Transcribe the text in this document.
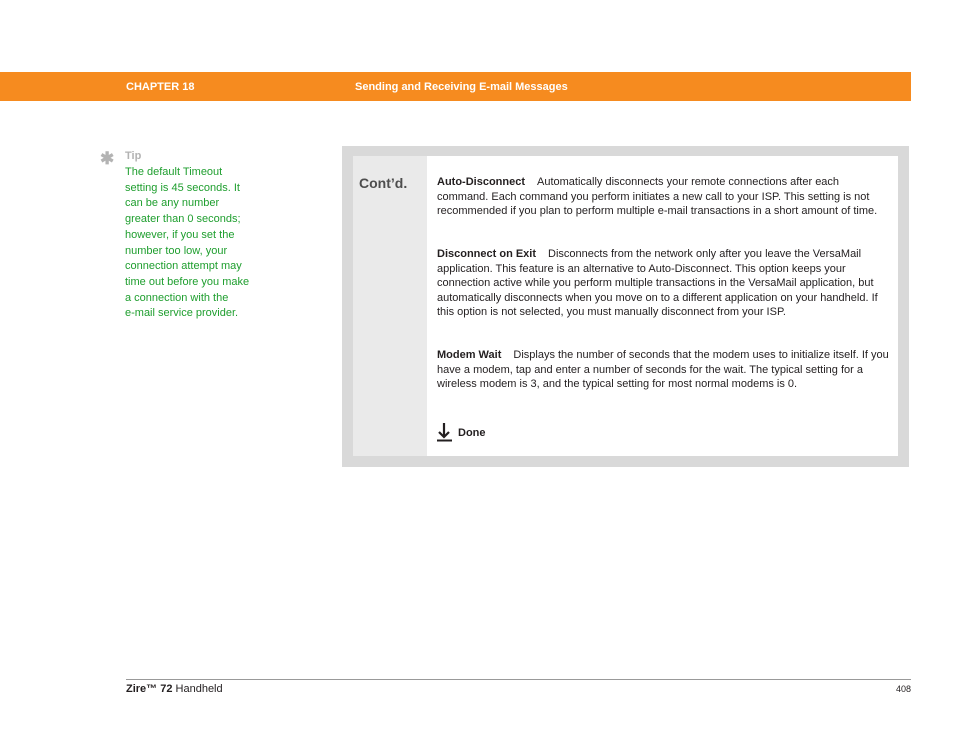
CHAPTER 18	Sending and Receiving E-mail Messages
✱ Tip
The default Timeout
setting is 45 seconds. It
can be any number
greater than 0 seconds;
however, if you set the
number too low, your
connection attempt may
time out before you make
a connection with the
e-mail service provider.
Cont’d.	Auto-Disconnect Automatically disconnects your remote connections after each command. Each command you perform initiates a new call to your ISP. This setting is not recommended if you plan to perform multiple e-mail transactions in a short amount of time.
Disconnect on Exit Disconnects from the network only after you leave the VersaMail application. This feature is an alternative to Auto-Disconnect. This option keeps your connection active while you perform multiple transactions in the VersaMail application, but automatically disconnects when you move on to a different application on your handheld. If this option is not selected, you must manually disconnect from your ISP.
Modem Wait Displays the number of seconds that the modem uses to initialize itself. If you have a modem, tap and enter a number of seconds for the wait. The typical setting for a wireless modem is 3, and the typical setting for most normal modems is 0.
Done
Zire™ 72 Handheld	408
